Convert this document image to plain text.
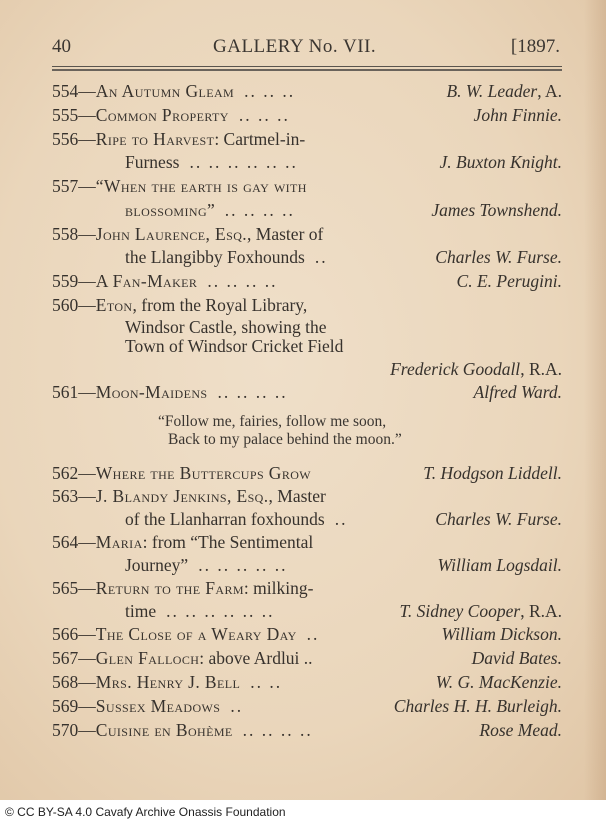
40	GALLERY No. VII.	[1897.
554—An Autumn Gleam .. .. ..	B. W. Leader, A.
555—Common Property .. .. ..	John Finnie.
556—Ripe to Harvest: Cartmel-in-
Furness .. .. .. .. .. ..	J. Buxton Knight.
557—“When the earth is gay with
blossoming” .. .. .. ..	James Townshend.
558—John Laurence, Esq., Master of
the Llangibby Foxhounds ..	Charles W. Furse.
559—A Fan-Maker .. .. .. ..	C. E. Perugini.
560—Eton, from the Royal Library,
Windsor Castle, showing the
Town of Windsor Cricket Field
Frederick Goodall, R.A.
561—Moon-Maidens .. .. .. ..	Alfred Ward.
562—Where the Buttercups Grow	T. Hodgson Liddell.
563—J. Blandy Jenkins, Esq., Master
of the Llanharran foxhounds ..	Charles W. Furse.
564—Maria: from “The Sentimental
Journey” .. .. .. .. ..	William Logsdail.
565—Return to the Farm: milking-
time .. .. .. .. .. ..	T. Sidney Cooper, R.A.
566—The Close of a Weary Day ..	William Dickson.
567—Glen Falloch: above Ardlui ..	David Bates.
568—Mrs. Henry J. Bell .. ..	W. G. MacKenzie.
569—Sussex Meadows ..	Charles H. H. Burleigh.
570—Cuisine en Bohème .. .. .. ..	Rose Mead.
“Follow me, fairies, follow me soon,
Back to my palace behind the moon.”
© CC BY-SA 4.0 Cavafy Archive Onassis Foundation
